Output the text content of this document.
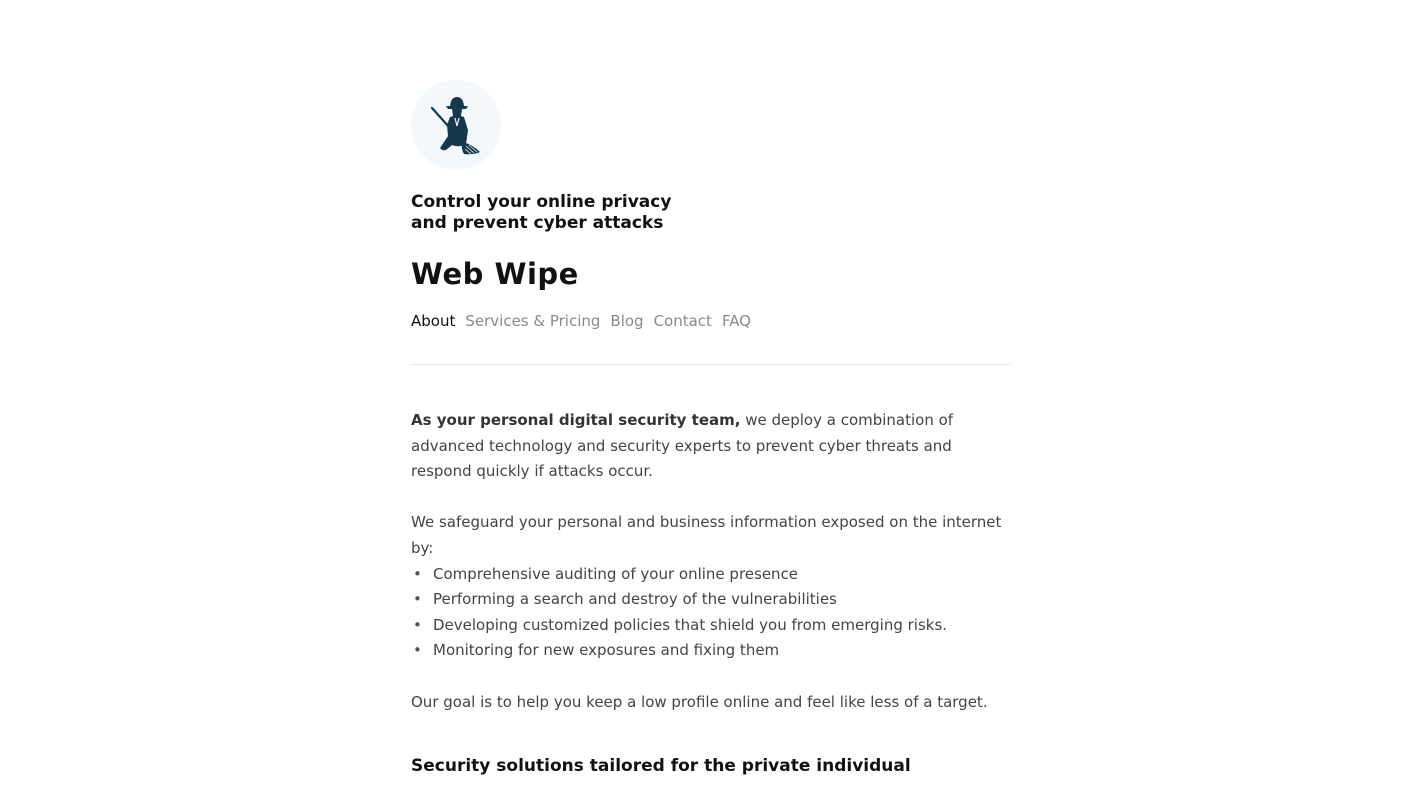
Control your online privacy and prevent cyber attacks
Web Wipe
About Services & Pricing Blog Contact FAQ

As your personal digital security team, we deploy a combination of advanced technology and security experts to prevent cyber threats and respond quickly if attacks occur.

We safeguard your personal and business information exposed on the internet by:

• Comprehensive auditing of your online presence
• Performing a search and destroy of the vulnerabilities
• Developing customized policies that shield you from emerging risks.
• Monitoring for new exposures and fixing them

Our goal is to help you keep a low profile online and feel like less of a target.

Security solutions tailored for the private individual
